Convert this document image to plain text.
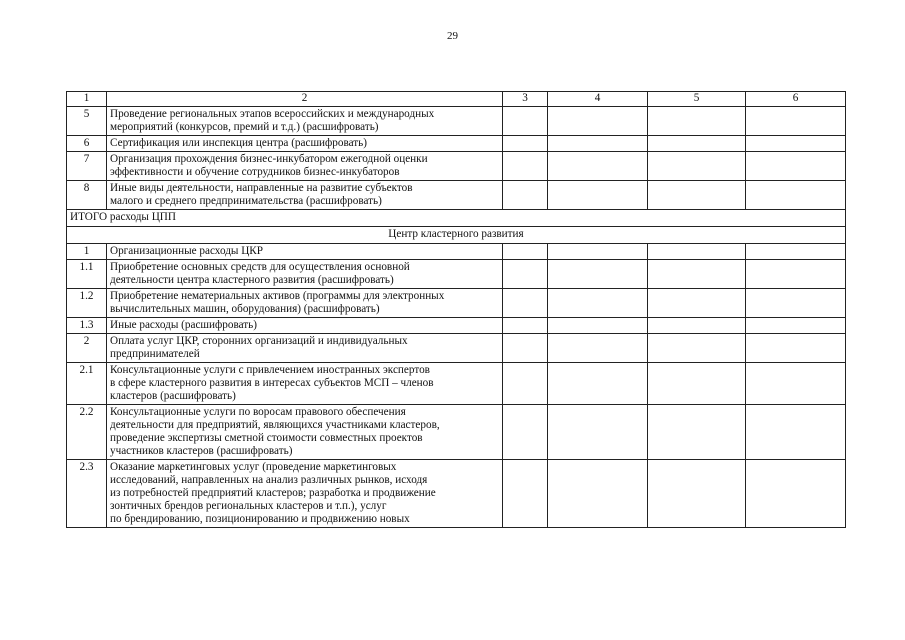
29
1	2	3	4	5	6
5	Проведение региональных этапов всероссийских и международных
мероприятий (конкурсов, премий и т.д.) (расшифровать)				
6	Сертификация или инспекция центра (расшифровать)				
7	Организация прохождения бизнес-инкубатором ежегодной оценки
эффективности и обучение сотрудников бизнес-инкубаторов				
8	Иные виды деятельности, направленные на развитие субъектов
малого и среднего предпринимательства (расшифровать)				
ИТОГО расходы ЦПП					
Центр кластерного развития					
1	Организационные расходы ЦКР				
1.1	Приобретение основных средств для осуществления основной
деятельности центра кластерного развития (расшифровать)				
1.2	Приобретение нематериальных активов (программы для электронных
вычислительных машин, оборудования) (расшифровать)				
1.3	Иные расходы (расшифровать)				
2	Оплата услуг ЦКР, сторонних организаций и индивидуальных
предпринимателей				
2.1	Консультационные услуги с привлечением иностранных экспертов
в сфере кластерного развития в интересах субъектов МСП – членов
кластеров (расшифровать)				
2.2	Консультационные услуги по воросам правового обеспечения
деятельности для предприятий, являющихся участниками кластеров,
проведение экспертизы сметной стоимости совместных проектов
участников кластеров (расшифровать)				
2.3	Оказание маркетинговых услуг (проведение маркетинговых
исследований, направленных на анализ различных рынков, исходя
из потребностей предприятий кластеров; разработка и продвижение
зонтичных брендов региональных кластеров и т.п.), услуг
по брендированию, позиционированию и продвижению новых				
